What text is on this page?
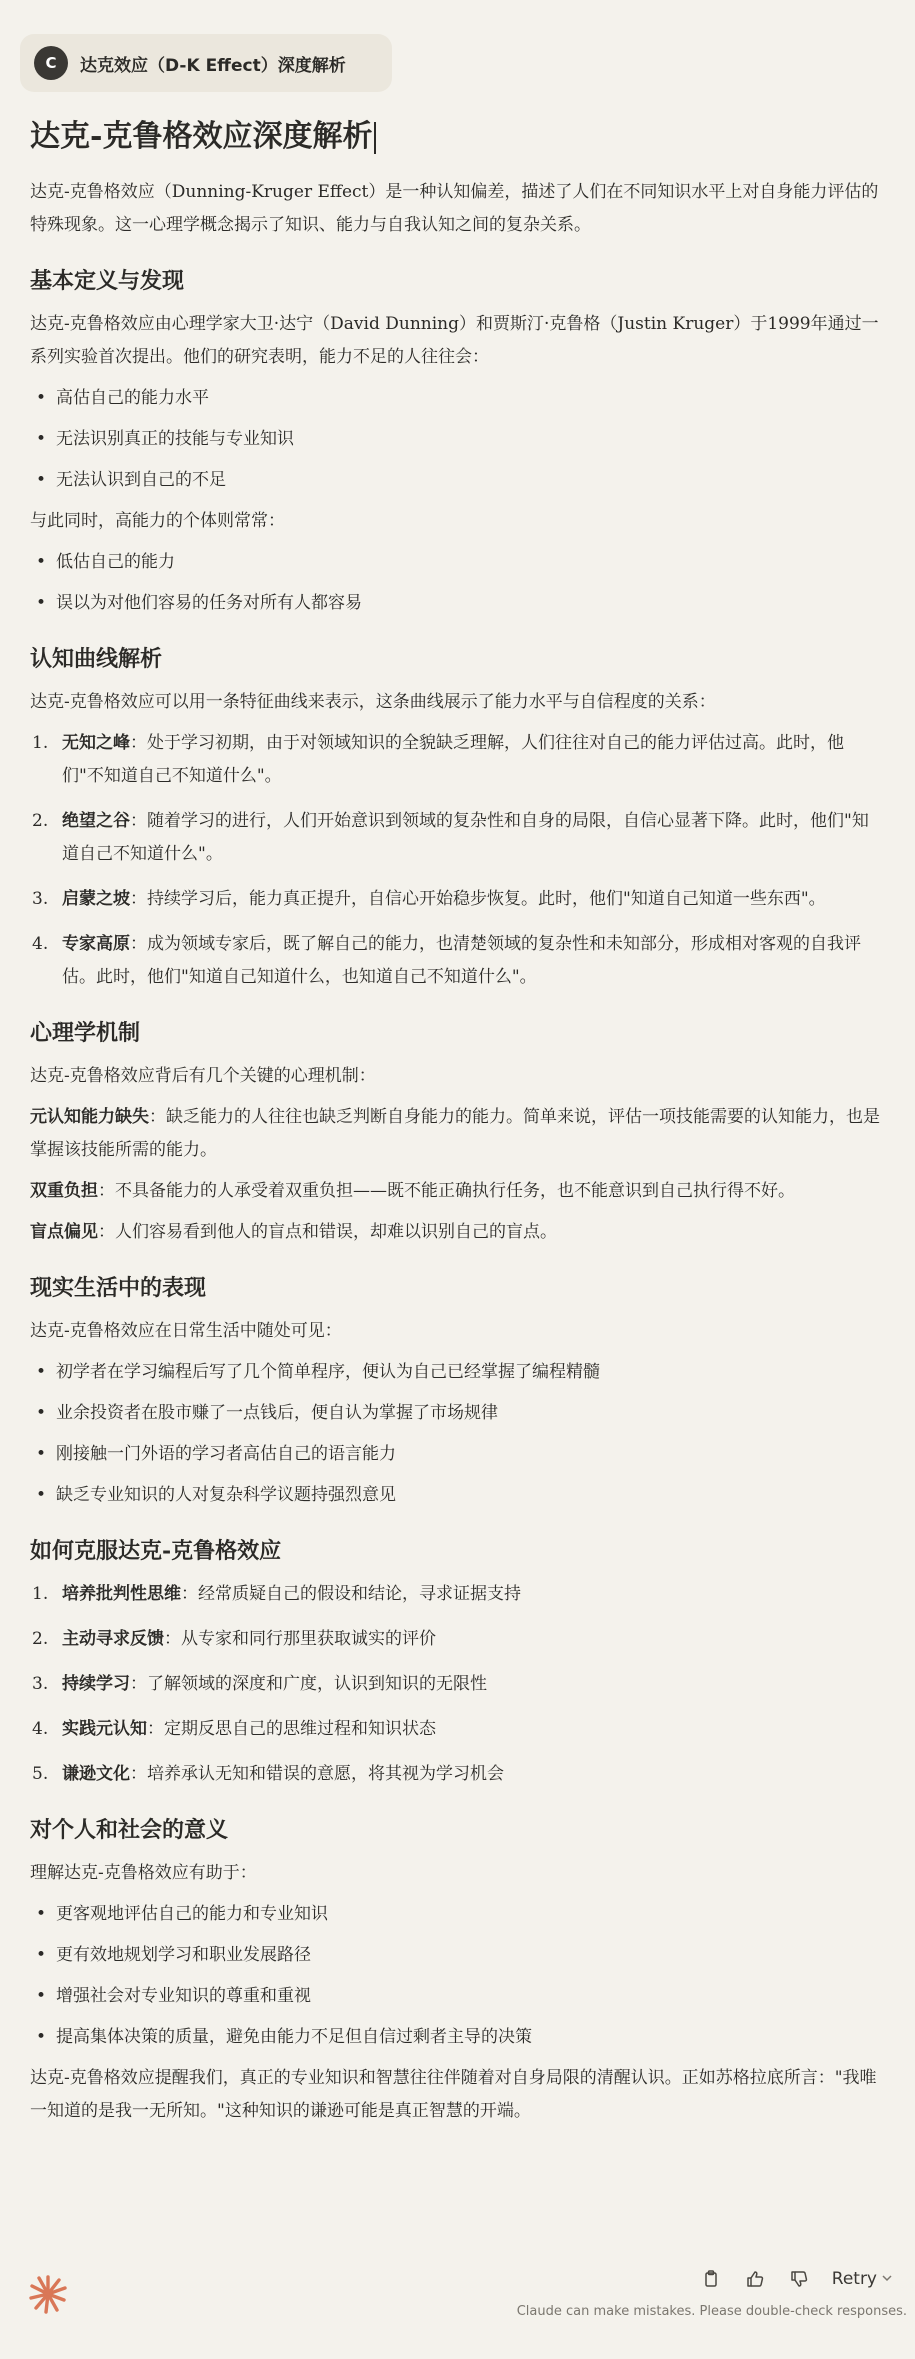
C	达克效应（D-K Effect）深度解析
达克-克鲁格效应深度解析

达克-克鲁格效应（Dunning-Kruger Effect）是一种认知偏差，描述了人们在不同知识水平上对自身能力评估的特殊现象。这一心理学概念揭示了知识、能力与自我认知之间的复杂关系。

基本定义与发现

达克-克鲁格效应由心理学家大卫·达宁（David Dunning）和贾斯汀·克鲁格（Justin Kruger）于1999年通过一系列实验首次提出。他们的研究表明，能力不足的人往往会：

• 高估自己的能力水平
• 无法识别真正的技能与专业知识
• 无法认识到自己的不足

与此同时，高能力的个体则常常：

• 低估自己的能力
• 误以为对他们容易的任务对所有人都容易
认知曲线解析

达克-克鲁格效应可以用一条特征曲线来表示，这条曲线展示了能力水平与自信程度的关系：

1. 无知之峰：处于学习初期，由于对领域知识的全貌缺乏理解，人们往往对自己的能力评估过高。此时，他们"不知道自己不知道什么"。
2. 绝望之谷：随着学习的进行，人们开始意识到领域的复杂性和自身的局限，自信心显著下降。此时，他们"知道自己不知道什么"。
3. 启蒙之坡：持续学习后，能力真正提升，自信心开始稳步恢复。此时，他们"知道自己知道一些东西"。
4. 专家高原：成为领域专家后，既了解自己的能力，也清楚领域的复杂性和未知部分，形成相对客观的自我评估。此时，他们"知道自己知道什么，也知道自己不知道什么"。
心理学机制

达克-克鲁格效应背后有几个关键的心理机制：

元认知能力缺失：缺乏能力的人往往也缺乏判断自身能力的能力。简单来说，评估一项技能需要的认知能力，也是掌握该技能所需的能力。

双重负担：不具备能力的人承受着双重负担——既不能正确执行任务，也不能意识到自己执行得不好。

盲点偏见：人们容易看到他人的盲点和错误，却难以识别自己的盲点。

现实生活中的表现

达克-克鲁格效应在日常生活中随处可见：

• 初学者在学习编程后写了几个简单程序，便认为自己已经掌握了编程精髓
• 业余投资者在股市赚了一点钱后，便自认为掌握了市场规律
• 刚接触一门外语的学习者高估自己的语言能力
• 缺乏专业知识的人对复杂科学议题持强烈意见
如何克服达克-克鲁格效应
1. 培养批判性思维：经常质疑自己的假设和结论，寻求证据支持
2. 主动寻求反馈：从专家和同行那里获取诚实的评价
3. 持续学习：了解领域的深度和广度，认识到知识的无限性
4. 实践元认知：定期反思自己的思维过程和知识状态
5. 谦逊文化：培养承认无知和错误的意愿，将其视为学习机会
对个人和社会的意义

理解达克-克鲁格效应有助于：

• 更客观地评估自己的能力和专业知识
• 更有效地规划学习和职业发展路径
• 增强社会对专业知识的尊重和重视
• 提高集体决策的质量，避免由能力不足但自信过剩者主导的决策

达克-克鲁格效应提醒我们，真正的专业知识和智慧往往伴随着对自身局限的清醒认识。正如苏格拉底所言："我唯一知道的是我一无所知。"这种知识的谦逊可能是真正智慧的开端。

Retry
Claude can make mistakes. Please double-check responses.
